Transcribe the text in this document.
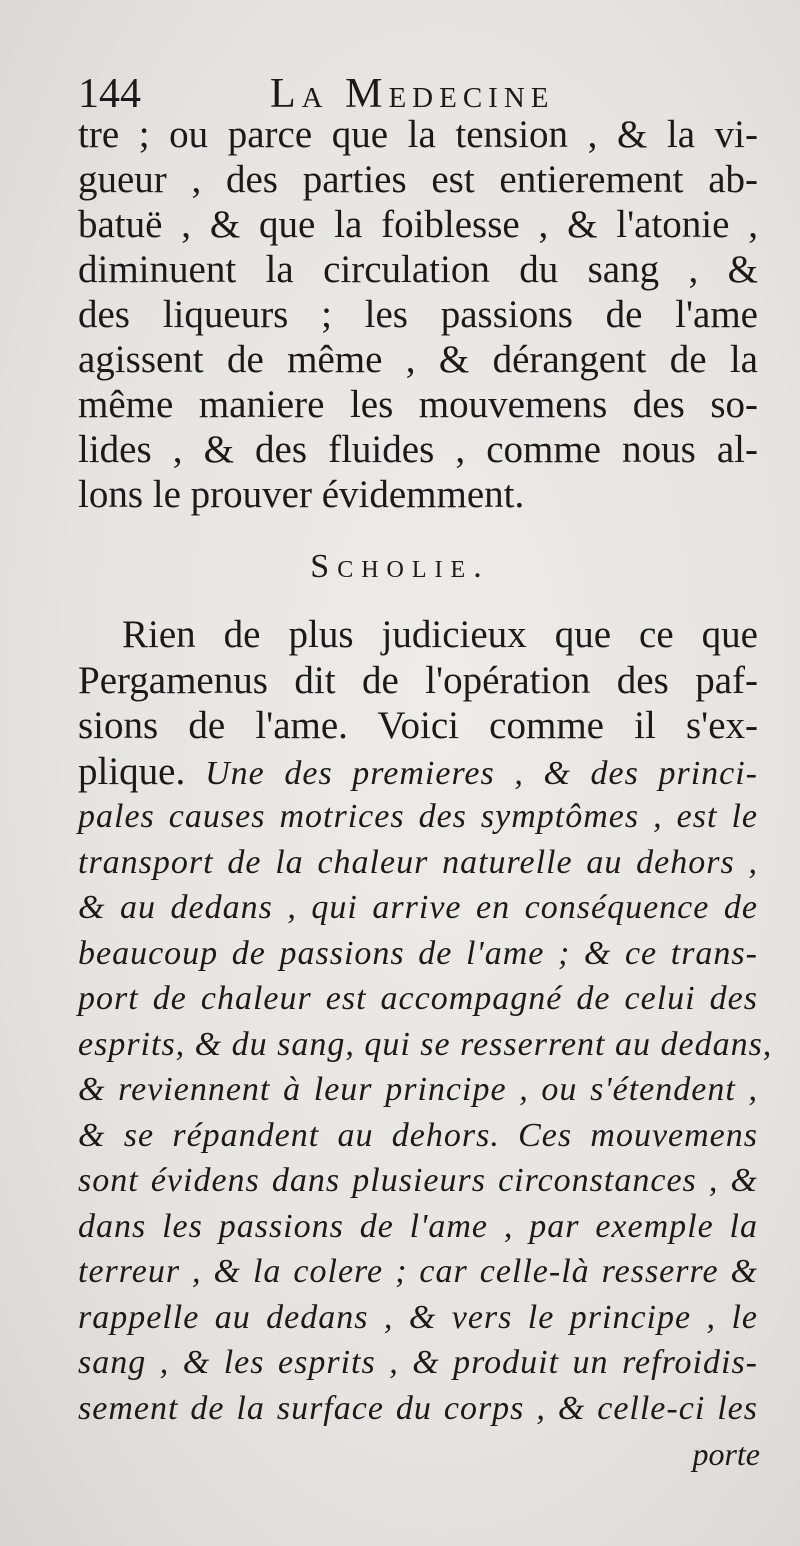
144	La Medecine
tre ; ou parce que la tension , & la vi-
gueur , des parties est entierement ab-
batuë , & que la foiblesse , & l'atonie ,
diminuent la circulation du sang , &
des liqueurs ; les passions de l'ame
agissent de même , & dérangent de la
même maniere les mouvemens des so-
lides , & des fluides , comme nous al-
lons le prouver évidemment.
Scholie.
Rien de plus judicieux que ce que
Pergamenus dit de l'opération des paf-
sions de l'ame. Voici comme il s'ex-
plique. Une des premieres , & des princi-
pales causes motrices des symptômes , est le
transport de la chaleur naturelle au dehors ,
& au dedans , qui arrive en conséquence de
beaucoup de passions de l'ame ; & ce trans-
port de chaleur est accompagné de celui des
esprits, & du sang, qui se resserrent au dedans,
& reviennent à leur principe , ou s'étendent ,
& se répandent au dehors. Ces mouvemens
sont évidens dans plusieurs circonstances , &
dans les passions de l'ame , par exemple la
terreur , & la colere ; car celle-là resserre &
rappelle au dedans , & vers le principe , le
sang , & les esprits , & produit un refroidis-
sement de la surface du corps , & celle-ci les
porte
